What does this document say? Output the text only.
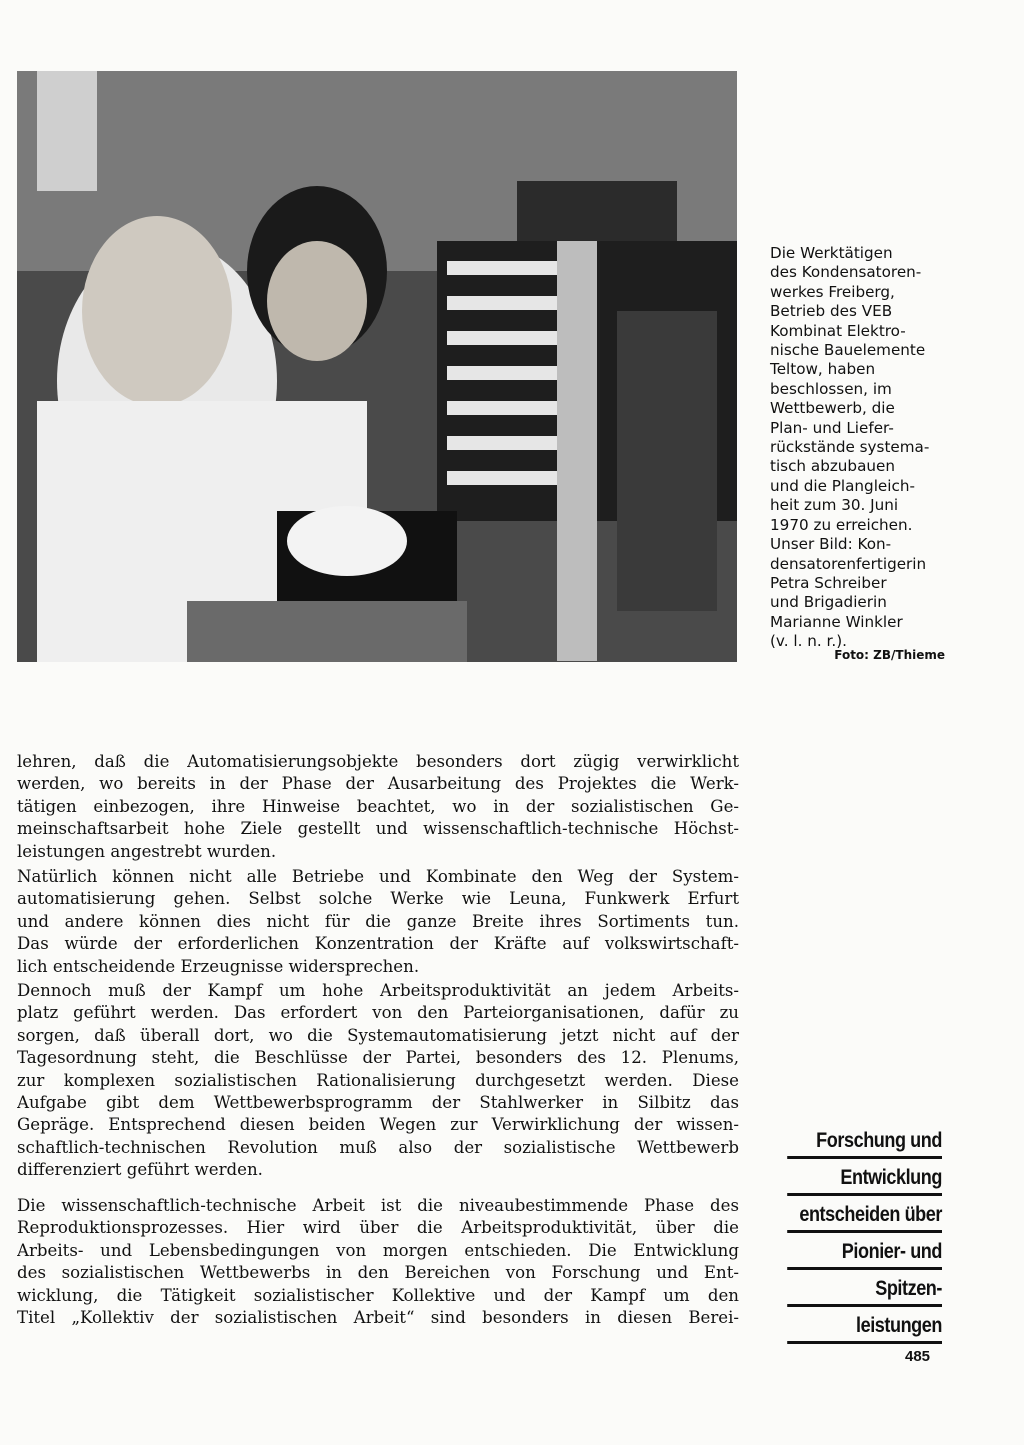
Die Werktätigen
des Kondensatoren-
werkes Freiberg,
Betrieb des VEB
Kombinat Elektro-
nische Bauelemente
Teltow, haben
beschlossen, im
Wettbewerb, die
Plan- und Liefer-
rückstände systema-
tisch abzubauen
und die Plangleich-
heit zum 30. Juni
1970 zu erreichen.
Unser Bild: Kon-
densatorenfertigerin
Petra Schreiber
und Brigadierin
Marianne Winkler
(v. l. n. r.).
Foto: ZB/Thieme
lehren, daß die Automatisierungsobjekte besonders dort zügig verwirklicht
werden, wo bereits in der Phase der Ausarbeitung des Projektes die Werk-
tätigen einbezogen, ihre Hinweise beachtet, wo in der sozialistischen Ge-
meinschaftsarbeit hohe Ziele gestellt und wissenschaftlich-technische Höchst-
leistungen angestrebt wurden.
Natürlich können nicht alle Betriebe und Kombinate den Weg der System-
automatisierung gehen. Selbst solche Werke wie Leuna, Funkwerk Erfurt
und andere können dies nicht für die ganze Breite ihres Sortiments tun.
Das würde der erforderlichen Konzentration der Kräfte auf volkswirtschaft-
lich entscheidende Erzeugnisse widersprechen.
Dennoch muß der Kampf um hohe Arbeitsproduktivität an jedem Arbeits-
platz geführt werden. Das erfordert von den Parteiorganisationen, dafür zu
sorgen, daß überall dort, wo die Systemautomatisierung jetzt nicht auf der
Tagesordnung steht, die Beschlüsse der Partei, besonders des 12. Plenums,
zur komplexen sozialistischen Rationalisierung durchgesetzt werden. Diese
Aufgabe gibt dem Wettbewerbsprogramm der Stahlwerker in Silbitz das
Gepräge. Entsprechend diesen beiden Wegen zur Verwirklichung der wissen-
schaftlich-technischen Revolution muß also der sozialistische Wettbewerb
differenziert geführt werden.
Die wissenschaftlich-technische Arbeit ist die niveaubestimmende Phase des
Reproduktionsprozesses. Hier wird über die Arbeitsproduktivität, über die
Arbeits- und Lebensbedingungen von morgen entschieden. Die Entwicklung
des sozialistischen Wettbewerbs in den Bereichen von Forschung und Ent-
wicklung, die Tätigkeit sozialistischer Kollektive und der Kampf um den
Titel „Kollektiv der sozialistischen Arbeit“ sind besonders in diesen Berei-
Forschung und
Entwicklung
entscheiden über
Pionier- und
Spitzen-
leistungen
485
